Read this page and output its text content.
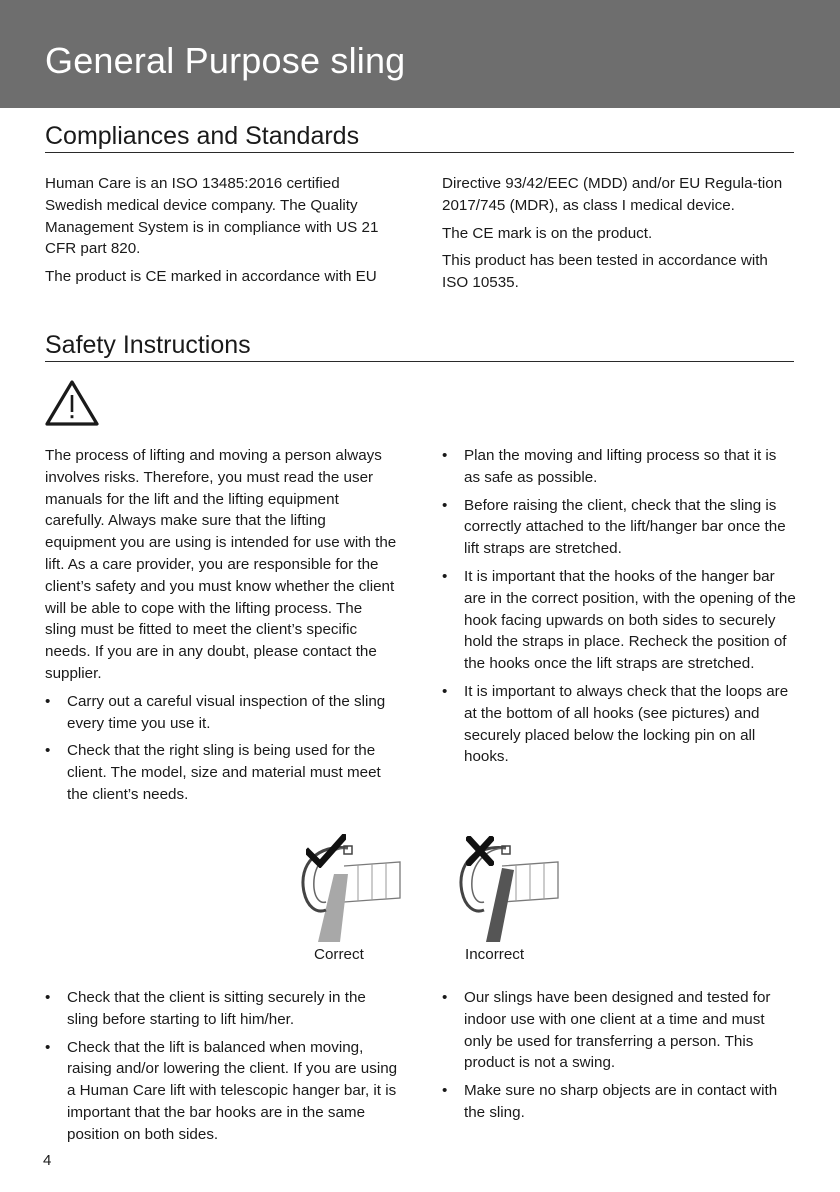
General Purpose sling
Compliances and Standards

Human Care is an ISO 13485:2016 certified Swedish medical device company. The Quality Management System is in compliance with US 21 CFR part 820.

The product is CE marked in accordance with EU

Directive 93/42/EEC (MDD) and/or EU Regula-tion 2017/745 (MDR), as class I medical device.

The CE mark is on the product.

This product has been tested in accordance with ISO 10535.

Safety Instructions

The process of lifting and moving a person always involves risks. Therefore, you must read the user manuals for the lift and the lifting equipment carefully. Always make sure that the lifting equipment you are using is intended for use with the lift. As a care provider, you are responsible for the client’s safety and you must know whether the client will be able to cope with the lifting process. The sling must be fitted to meet the client’s specific needs. If you are in any doubt, please contact the supplier.

• Carry out a careful visual inspection of the sling every time you use it.
• Check that the right sling is being used for the client. The model, size and material must meet the client’s needs.
• Plan the moving and lifting process so that it is as safe as possible.
• Before raising the client, check that the sling is correctly attached to the lift/hanger bar once the lift straps are stretched.
• It is important that the hooks of the hanger bar are in the correct position, with the opening of the hook facing upwards on both sides to securely hold the straps in place. Recheck the position of the hooks once the lift straps are stretched.
• It is important to always check that the loops are at the bottom of all hooks (see pictures) and securely placed below the locking pin on all hooks.
Correct	Incorrect
• Check that the client is sitting securely in the sling before starting to lift him/her.
• Check that the lift is balanced when moving, raising and/or lowering the client. If you are using a Human Care lift with telescopic hanger bar, it is important that the bar hooks are in the same position on both sides.
• Our slings have been designed and tested for indoor use with one client at a time and must only be used for transferring a person. This product is not a swing.
• Make sure no sharp objects are in contact with the sling.
4
